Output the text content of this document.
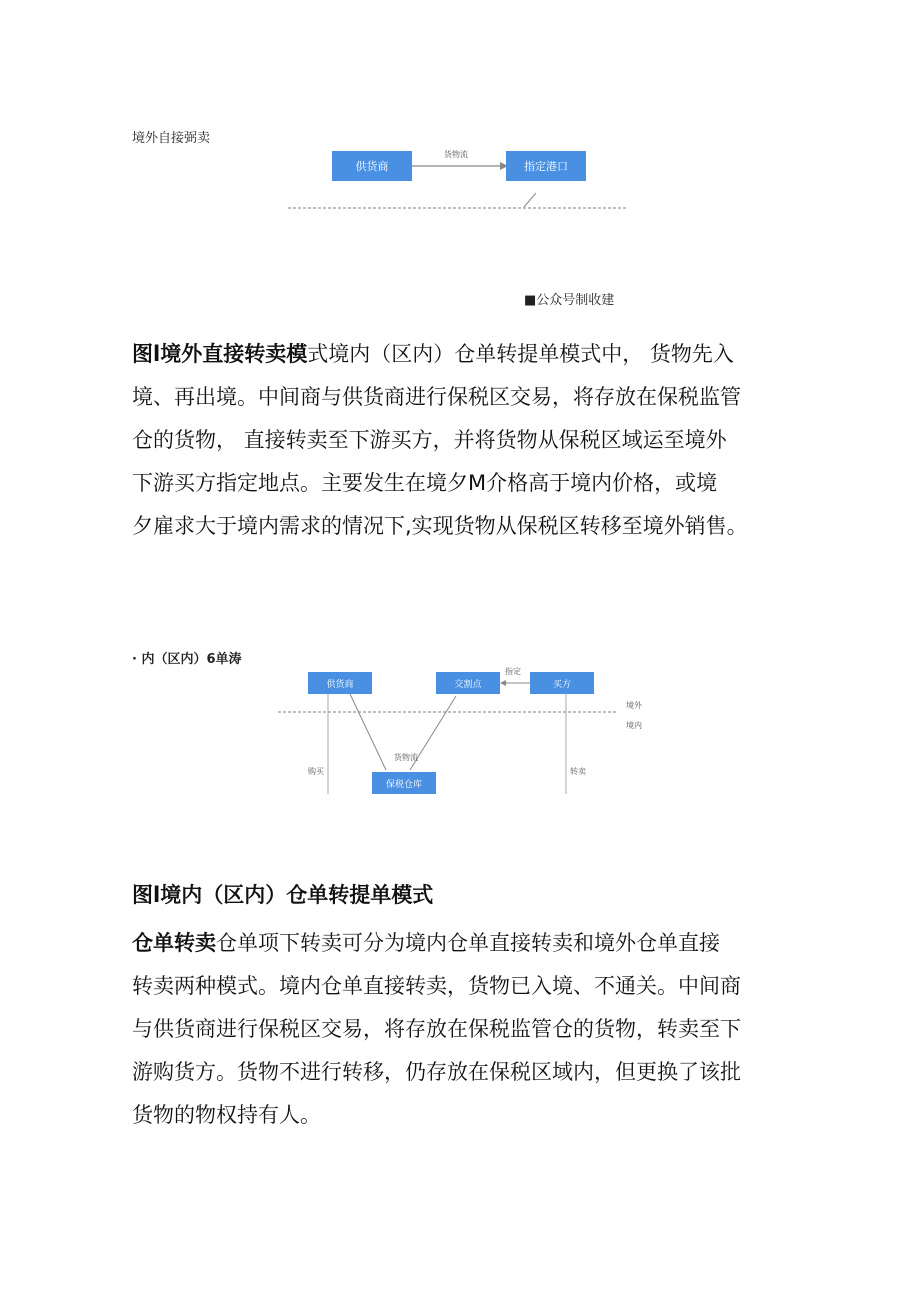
境外自接弼卖
供货商
货物流
指定港口
■公众号制收建
图l境外直接转卖模式境内（区内）仓单转提单模式中， 货物先入
境、再出境。中间商与供货商进行保税区交易，将存放在保税监管
仓的货物， 直接转卖至下游买方，并将货物从保税区域运至境外
下游买方指定地点。主要发生在境夕M介格高于境内价格，或境
夕雇求大于境内需求的情况下,实现货物从保税区转移至境外销售。
· 内（区内）6单涛
供货商	交割点	买方
指定
境外
境内
购买	转卖
货物流
保税仓库
图l境内（区内）仓单转提单模式
仓单转卖仓单项下转卖可分为境内仓单直接转卖和境外仓单直接
转卖两种模式。境内仓单直接转卖，货物已入境、不通关。中间商
与供货商进行保税区交易，将存放在保税监管仓的货物，转卖至下
游购货方。货物不进行转移，仍存放在保税区域内，但更换了该批
货物的物权持有人。
